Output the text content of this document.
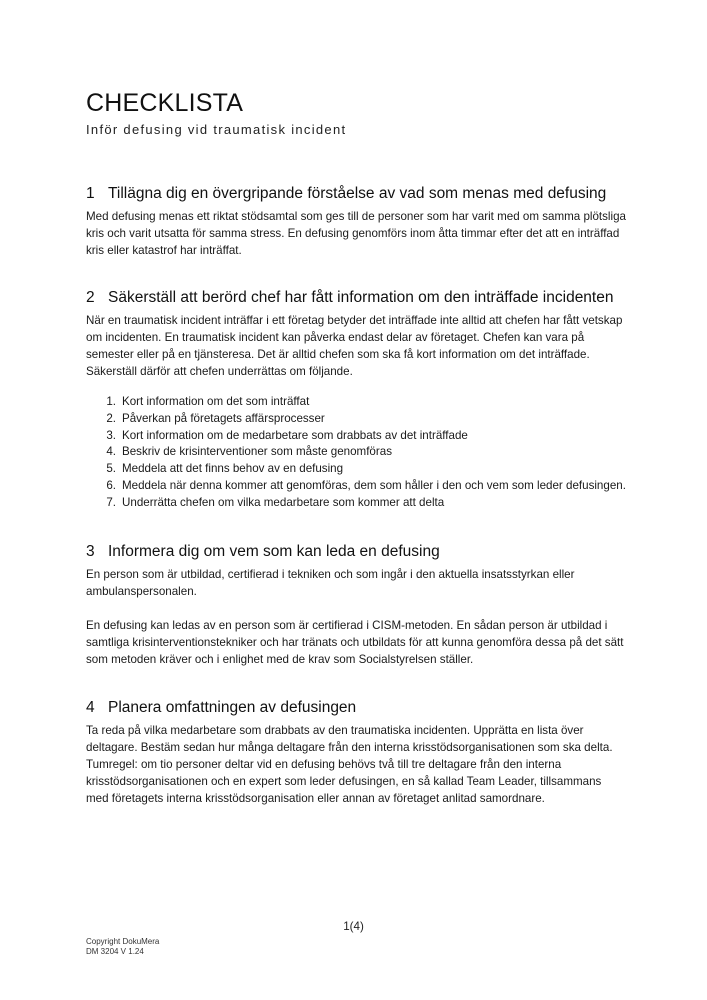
CHECKLISTA
Inför defusing vid traumatisk incident
1 Tillägna dig en övergripande förståelse av vad som menas med defusing

Med defusing menas ett riktat stödsamtal som ges till de personer som har varit med om samma plötsliga kris och varit utsatta för samma stress. En defusing genomförs inom åtta timmar efter det att en inträffad kris eller katastrof har inträffat.

2 Säkerställ att berörd chef har fått information om den inträffade incidenten

När en traumatisk incident inträffar i ett företag betyder det inträffade inte alltid att chefen har fått vetskap om incidenten. En traumatisk incident kan påverka endast delar av företaget. Chefen kan vara på semester eller på en tjänsteresa. Det är alltid chefen som ska få kort information om det inträffade. Säkerställ därför att chefen underrättas om följande.

1. Kort information om det som inträffat
2. Påverkan på företagets affärsprocesser
3. Kort information om de medarbetare som drabbats av det inträffade
4. Beskriv de krisinterventioner som måste genomföras
5. Meddela att det finns behov av en defusing
6. Meddela när denna kommer att genomföras, dem som håller i den och vem som leder defusingen.
7. Underrätta chefen om vilka medarbetare som kommer att delta
3 Informera dig om vem som kan leda en defusing

En person som är utbildad, certifierad i tekniken och som ingår i den aktuella insatsstyrkan eller ambulanspersonalen.

En defusing kan ledas av en person som är certifierad i CISM-metoden. En sådan person är utbildad i samtliga krisinterventionstekniker och har tränats och utbildats för att kunna genomföra dessa på det sätt som metoden kräver och i enlighet med de krav som Socialstyrelsen ställer.

4 Planera omfattningen av defusingen

Ta reda på vilka medarbetare som drabbats av den traumatiska incidenten. Upprätta en lista över deltagare. Bestäm sedan hur många deltagare från den interna krisstödsorganisationen som ska delta. Tumregel: om tio personer deltar vid en defusing behövs två till tre deltagare från den interna krisstödsorganisationen och en expert som leder defusingen, en så kallad Team Leader, tillsammans med företagets interna krisstödsorganisation eller annan av företaget anlitad samordnare.

1(4)
Copyright DokuMera
DM 3204 V 1.24
